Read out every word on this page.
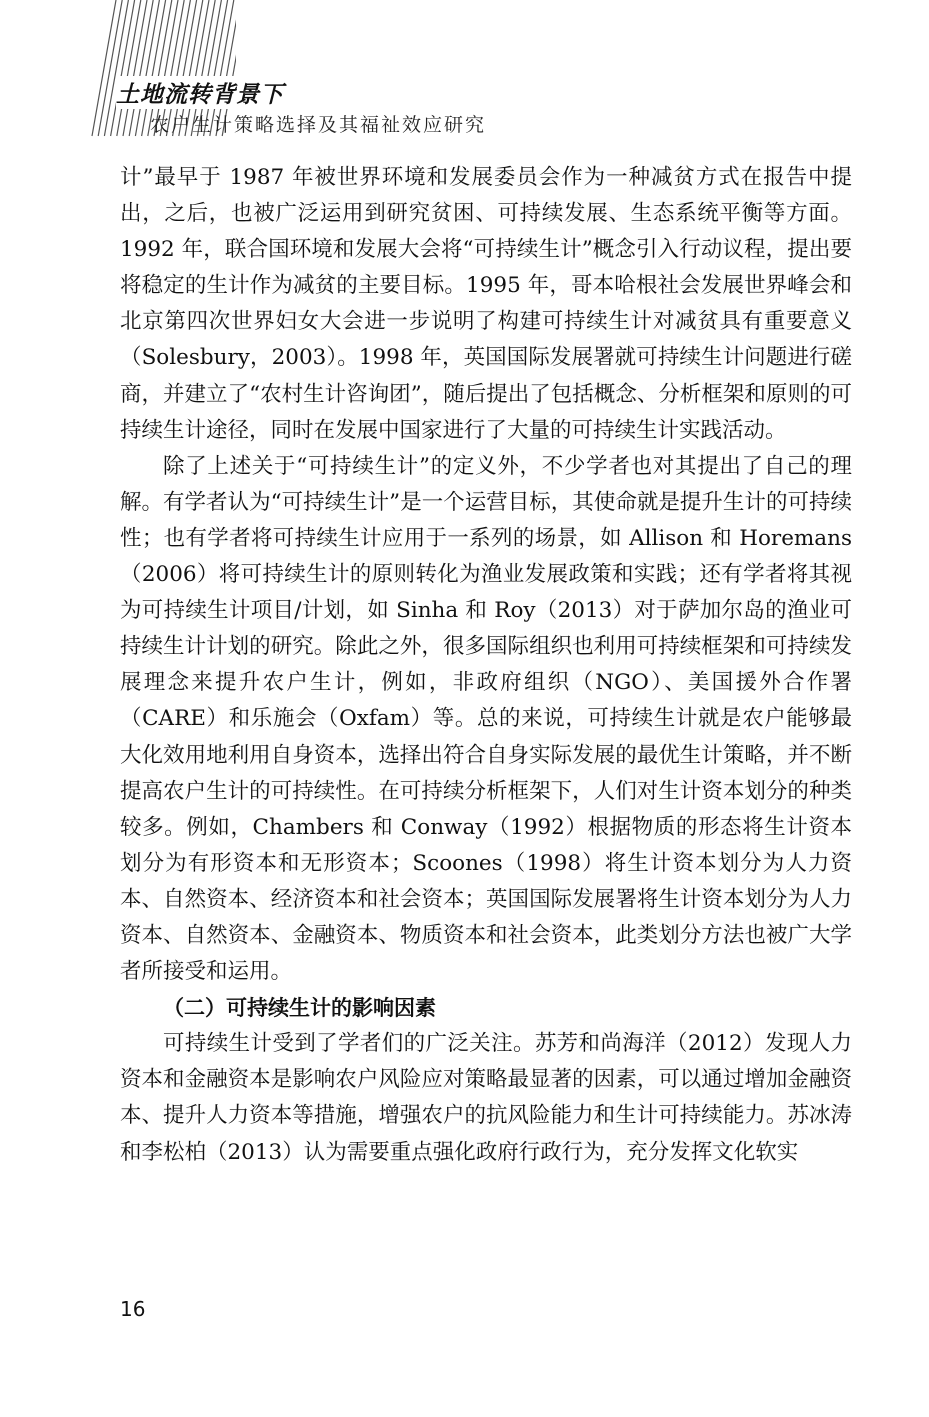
土地流转背景下
农户生计策略选择及其福祉效应研究

计”最早于 1987 年被世界环境和发展委员会作为一种减贫方式在报告中提出，之后，也被广泛运用到研究贫困、可持续发展、生态系统平衡等方面。1992 年，联合国环境和发展大会将“可持续生计”概念引入行动议程，提出要将稳定的生计作为减贫的主要目标。1995 年，哥本哈根社会发展世界峰会和北京第四次世界妇女大会进一步说明了构建可持续生计对减贫具有重要意义（Solesbury，2003）。1998 年，英国国际发展署就可持续生计问题进行磋商，并建立了“农村生计咨询团”，随后提出了包括概念、分析框架和原则的可持续生计途径，同时在发展中国家进行了大量的可持续生计实践活动。

除了上述关于“可持续生计”的定义外，不少学者也对其提出了自己的理解。有学者认为“可持续生计”是一个运营目标，其使命就是提升生计的可持续性；也有学者将可持续生计应用于一系列的场景，如 Allison 和 Horemans（2006）将可持续生计的原则转化为渔业发展政策和实践；还有学者将其视为可持续生计项目/计划，如 Sinha 和 Roy（2013）对于萨加尔岛的渔业可持续生计计划的研究。除此之外，很多国际组织也利用可持续框架和可持续发展理念来提升农户生计，例如，非政府组织（NGO）、美国援外合作署（CARE）和乐施会（Oxfam）等。总的来说，可持续生计就是农户能够最大化效用地利用自身资本，选择出符合自身实际发展的最优生计策略，并不断提高农户生计的可持续性。在可持续分析框架下，人们对生计资本划分的种类较多。例如，Chambers 和 Conway（1992）根据物质的形态将生计资本划分为有形资本和无形资本；Scoones（1998）将生计资本划分为人力资本、自然资本、经济资本和社会资本；英国国际发展署将生计资本划分为人力资本、自然资本、金融资本、物质资本和社会资本，此类划分方法也被广大学者所接受和运用。

（二）可持续生计的影响因素

可持续生计受到了学者们的广泛关注。苏芳和尚海洋（2012）发现人力资本和金融资本是影响农户风险应对策略最显著的因素，可以通过增加金融资本、提升人力资本等措施，增强农户的抗风险能力和生计可持续能力。苏冰涛和李松柏（2013）认为需要重点强化政府行政行为，充分发挥文化软实

16
